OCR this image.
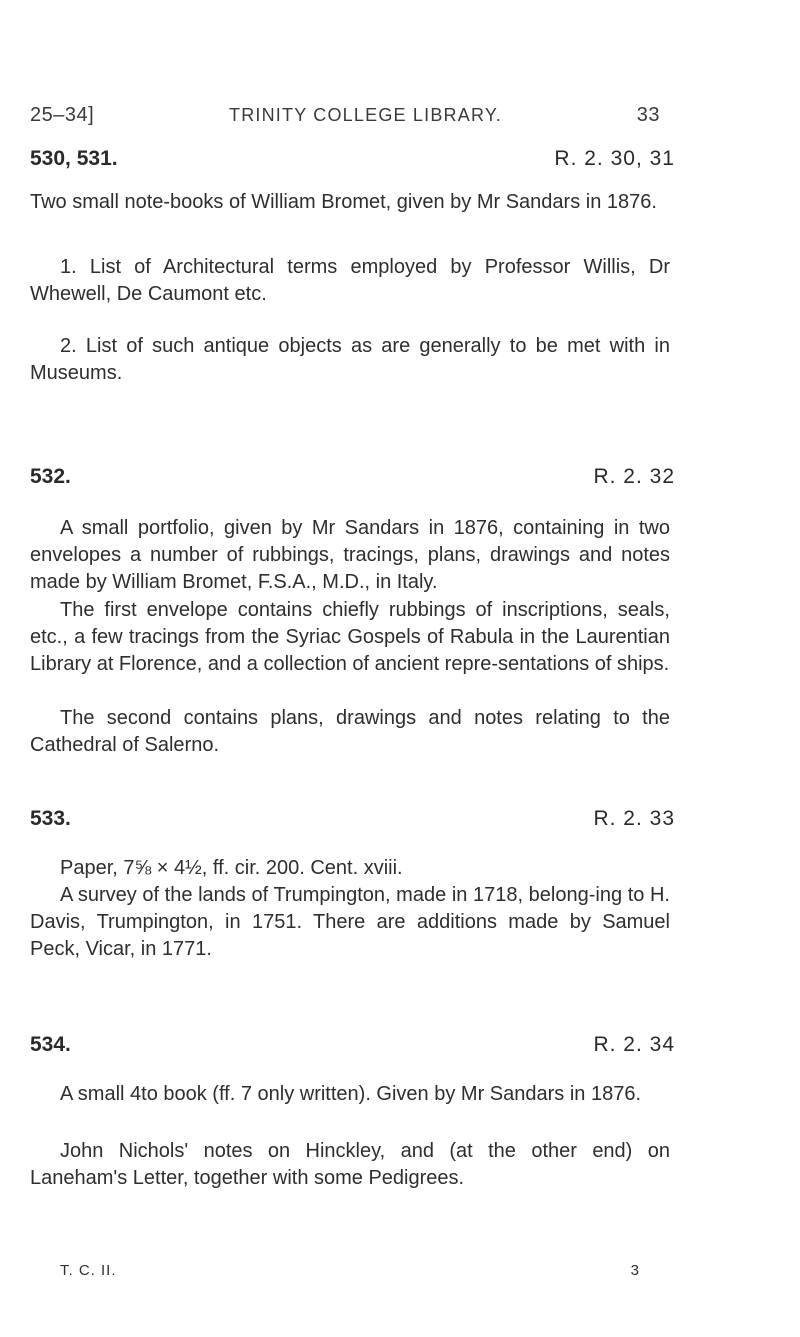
25–34]	TRINITY COLLEGE LIBRARY.	33
530, 531.	R. 2. 30, 31

Two small note-books of William Bromet, given by Mr Sandars in 1876.

1. List of Architectural terms employed by Professor Willis, Dr Whewell, De Caumont etc.

2. List of such antique objects as are generally to be met with in Museums.

532.	R. 2. 32

A small portfolio, given by Mr Sandars in 1876, containing in two envelopes a number of rubbings, tracings, plans, drawings and notes made by William Bromet, F.S.A., M.D., in Italy.

The first envelope contains chiefly rubbings of inscriptions, seals, etc., a few tracings from the Syriac Gospels of Rabula in the Laurentian Library at Florence, and a collection of ancient repre-sentations of ships.

The second contains plans, drawings and notes relating to the Cathedral of Salerno.

533.	R. 2. 33

Paper, 7⅝ × 4½, ff. cir. 200. Cent. xviii.

A survey of the lands of Trumpington, made in 1718, belong-ing to H. Davis, Trumpington, in 1751. There are additions made by Samuel Peck, Vicar, in 1771.

534.	R. 2. 34

A small 4to book (ff. 7 only written). Given by Mr Sandars in 1876.

John Nichols' notes on Hinckley, and (at the other end) on Laneham's Letter, together with some Pedigrees.

T. C. II.	3
